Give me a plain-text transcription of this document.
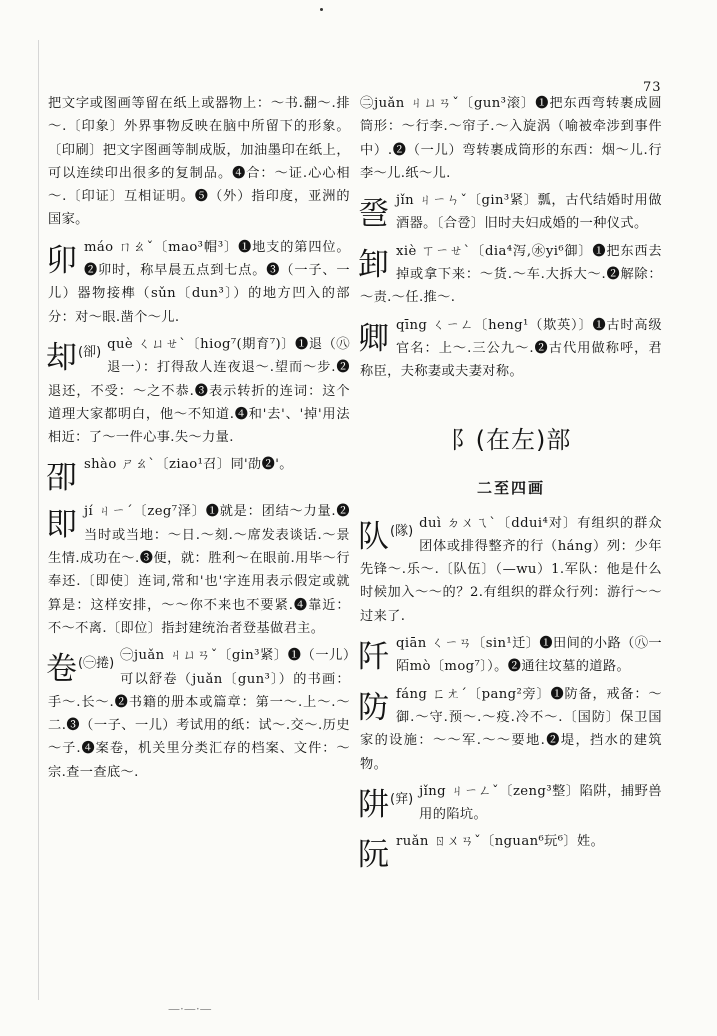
73

把文字或图画等留在纸上或器物上：～书.翻～.排～.〔印象〕外界事物反映在脑中所留下的形象。〔印刷〕把文字图画等制成版，加油墨印在纸上，可以连续印出很多的复制品。❹合：～证.心心相～.〔印证〕互相证明。❺（外）指印度，亚洲的国家。

卯 máo ㄇㄠˇ〔mao³帽³〕❶地支的第四位。❷卯时，称早晨五点到七点。❸（一子、一儿）器物接榫（sǔn〔dun³〕）的地方凹入的部分：对～眼.凿个～儿.

却$^{(卻)}$

què ㄑㄩㄝˋ〔hiog⁷(期育⁷)〕❶退（㊇退一）：打得敌人连夜退～.望而～步.❷退还，不受：～之不恭.❸表示转折的连词：这个道理大家都明白，他～不知道.❹和'去'、'掉'用法相近：了～一件心事.失～力量.

卲 shào ㄕㄠˋ〔ziao¹召〕同'劭❷'。

即 jí ㄐㄧˊ〔zeg⁷泽〕❶就是：团结～力量.❷当时或当地：～日.～刻.～席发表谈话.～景生情.成功在～.❸便，就：胜利～在眼前.用毕～行奉还.〔即使〕连词,常和'也'字连用表示假定或就算是：这样安排，～～你不来也不要紧.❹靠近：不～不离.〔即位〕指封建统治者登基做君主。

卷$^{(㊀捲)}$

㊀juǎn ㄐㄩㄢˇ〔gin³紧〕❶（一儿）可以舒卷（juǎn〔gun³〕）的书画：手～.长～.❷书籍的册本或篇章：第一～.上～.～二.❸（一子、一儿）考试用的纸：试～.交～.历史～子.❹案卷，机关里分类汇存的档案、文件：～宗.查一查底～.

㊁juǎn ㄐㄩㄢˇ〔gun³滚〕❶把东西弯转裹成圆筒形：～行李.～帘子.～入旋涡（喻被牵涉到事件中）.❷（一儿）弯转裹成筒形的东西：烟～儿.行李～儿.纸～儿.

巹 jǐn ㄐㄧㄣˇ〔gin³紧〕瓢，古代结婚时用做酒器。〔合卺〕旧时夫妇成婚的一种仪式。

卸 xiè ㄒㄧㄝˋ〔dia⁴泻,㊌yi⁶御〕❶把东西去掉或拿下来：～货.～车.大拆大～.❷解除：～责.～任.推～.

卿 qīng ㄑㄧㄥ〔heng¹（欺英）〕❶古时高级官名：上～.三公九～.❷古代用做称呼，君称臣，夫称妻或夫妻对称。

阝(在左)部
二至四画
队$^{(隊)}$

duì ㄉㄨㄟˋ〔ddui⁴对〕有组织的群众团体或排得整齐的行（háng）列：少年先锋～.乐～.〔队伍〕（—wu）1.军队：他是什么时候加入～～的？2.有组织的群众行列：游行～～过来了.

阡 qiān ㄑㄧㄢ〔sin¹迁〕❶田间的小路（㊇一陌mò〔mog⁷〕）。❷通往坟墓的道路。

防 fáng ㄈㄤˊ〔pang²旁〕❶防备，戒备：～御.～守.预～.～疫.冷不～.〔国防〕保卫国家的设施：～～军.～～要地.❷堤，挡水的建筑物。

阱$^{(穽)}$

jǐng ㄐㄧㄥˇ〔zeng³整〕陷阱，捕野兽用的陷坑。

阮 ruǎn ㄖㄨㄢˇ〔nguan⁶玩⁶〕姓。

—·—·—
